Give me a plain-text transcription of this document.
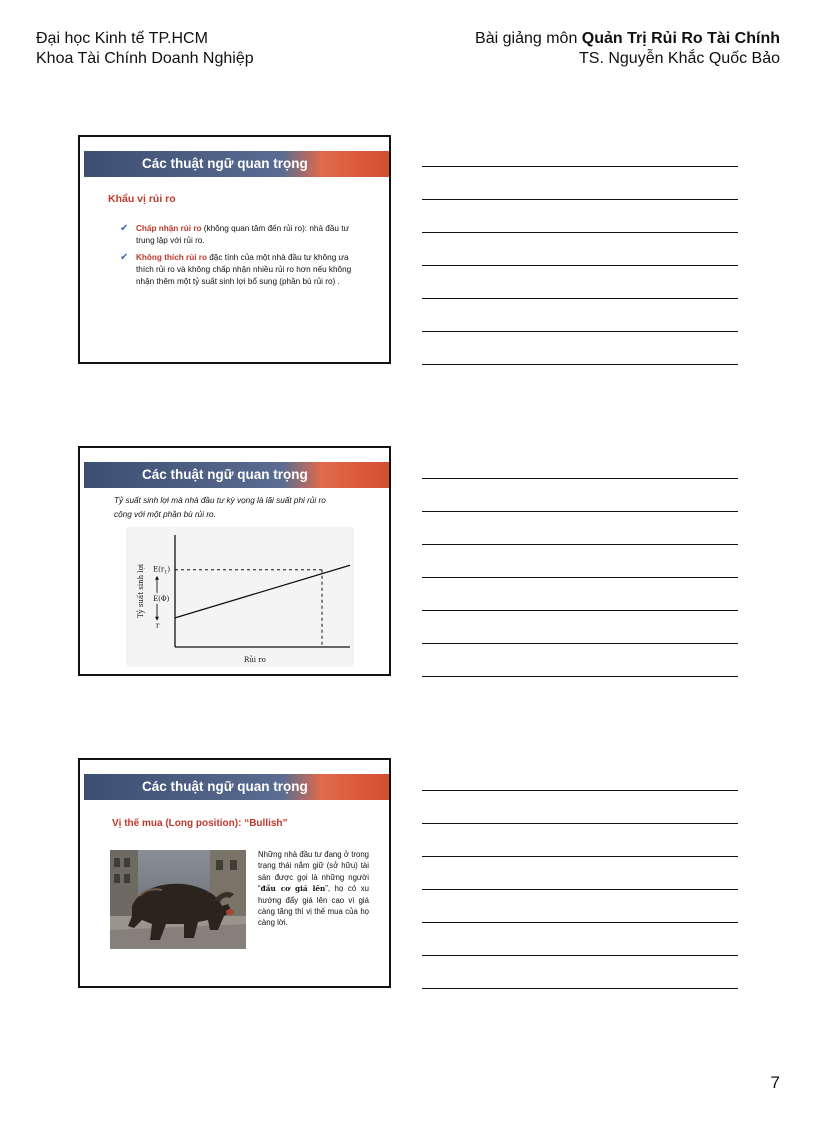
Đại học Kinh tế TP.HCM
Khoa Tài Chính Doanh Nghiệp
Bài giảng môn Quản Trị Rủi Ro Tài Chính
TS. Nguyễn Khắc Quốc Bảo
Các thuật ngữ quan trọng
Khẩu vị rủi ro
✔ Chấp nhận rủi ro (không quan tâm đến rủi ro): nhà đầu tư trung lập với rủi ro.
✔ Không thích rủi ro đặc tính của một nhà đầu tư không ưa thích rủi ro và không chấp nhận nhiều rủi ro hơn nếu không nhận thêm một tỷ suất sinh lợi bổ sung (phần bù rủi ro) .
Các thuật ngữ quan trọng
Tỷ suất sinh lợi mà nhà đầu tư kỳ vọng là lãi suất phi rủi ro cộng với một phần bù rủi ro.
$E(r_1)$
E(Φ)
r
Rủi ro
Tỷ suất sinh lợi
Các thuật ngữ quan trọng
Vị thế mua (Long position): “Bullish”
Những nhà đầu tư đang ở trong trạng thái nắm giữ (sở hữu) tài sản được gọi là những người “đầu cơ giá lên”, họ có xu hướng đẩy giá lên cao vì giá càng tăng thì vị thế mua của họ càng lời.
7
